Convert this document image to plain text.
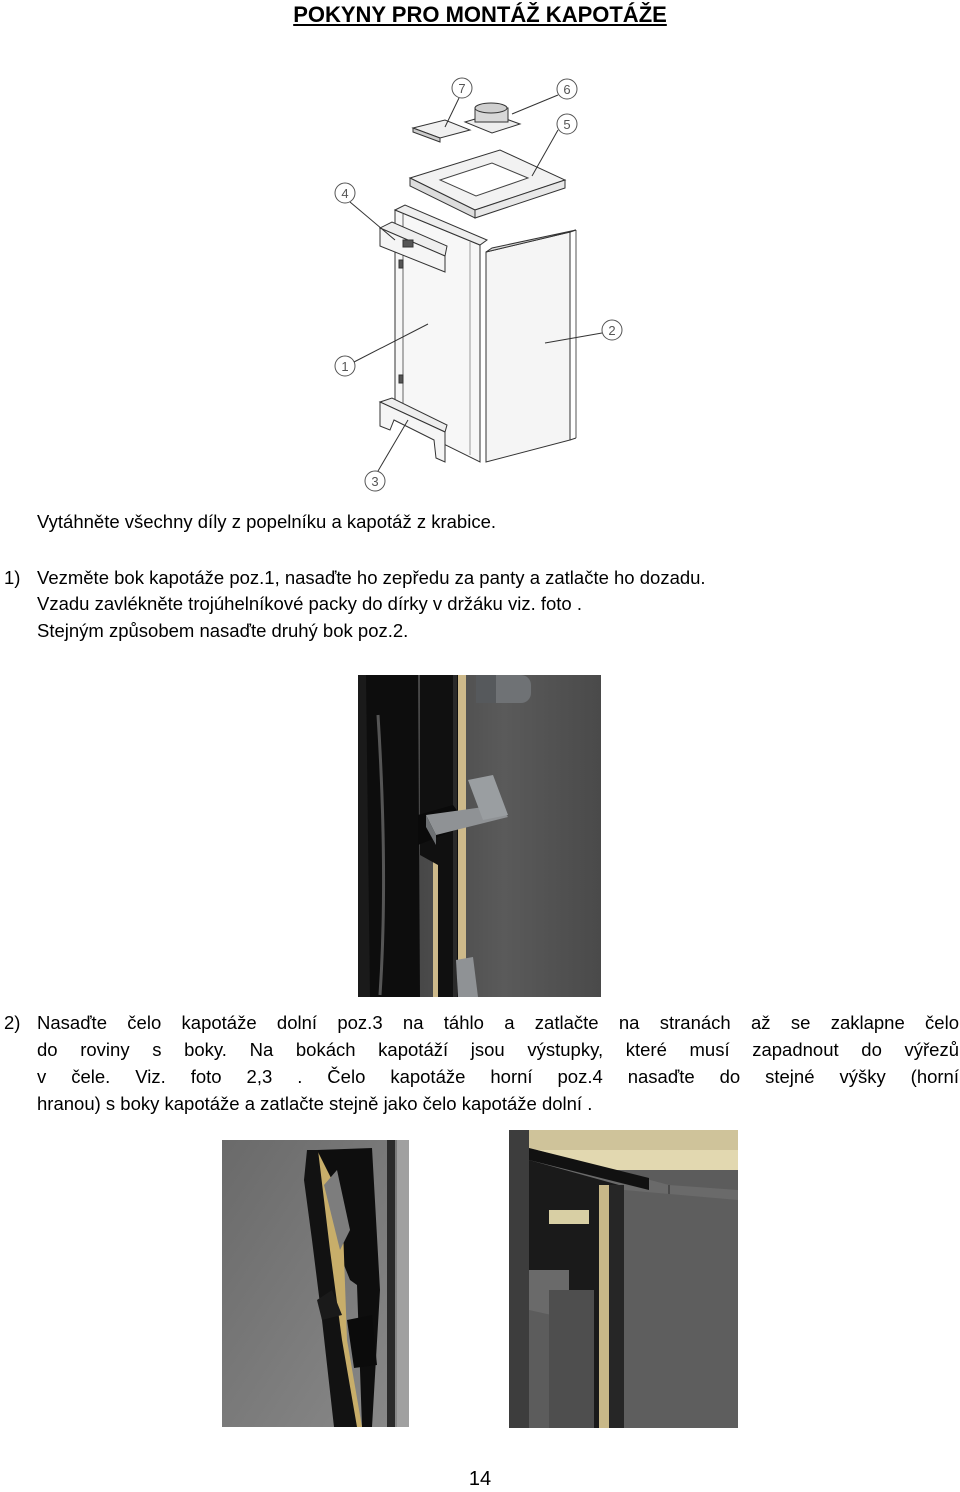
POKYNY PRO MONTÁŽ KAPOTÁŽE
7	6
5
4
2
1
3
Vytáhněte všechny díly z popelníku a kapotáž z krabice.
1) Vezměte bok kapotáže poz.1, nasaďte ho zepředu za panty a zatlačte ho dozadu.
Vzadu zavlékněte trojúhelníkové packy do dírky v držáku viz. foto .
Stejným způsobem nasaďte druhý bok poz.2.
2) Nasaďte čelo kapotáže dolní poz.3 na táhlo a zatlačte na stranách až se zaklapne čelo
do roviny s boky. Na bokách kapotáží jsou výstupky, které musí zapadnout do výřezů
v čele. Viz. foto 2,3 . Čelo kapotáže horní poz.4 nasaďte do stejné výšky (horní
hranou) s boky kapotáže a zatlačte stejně jako čelo kapotáže dolní .
14
